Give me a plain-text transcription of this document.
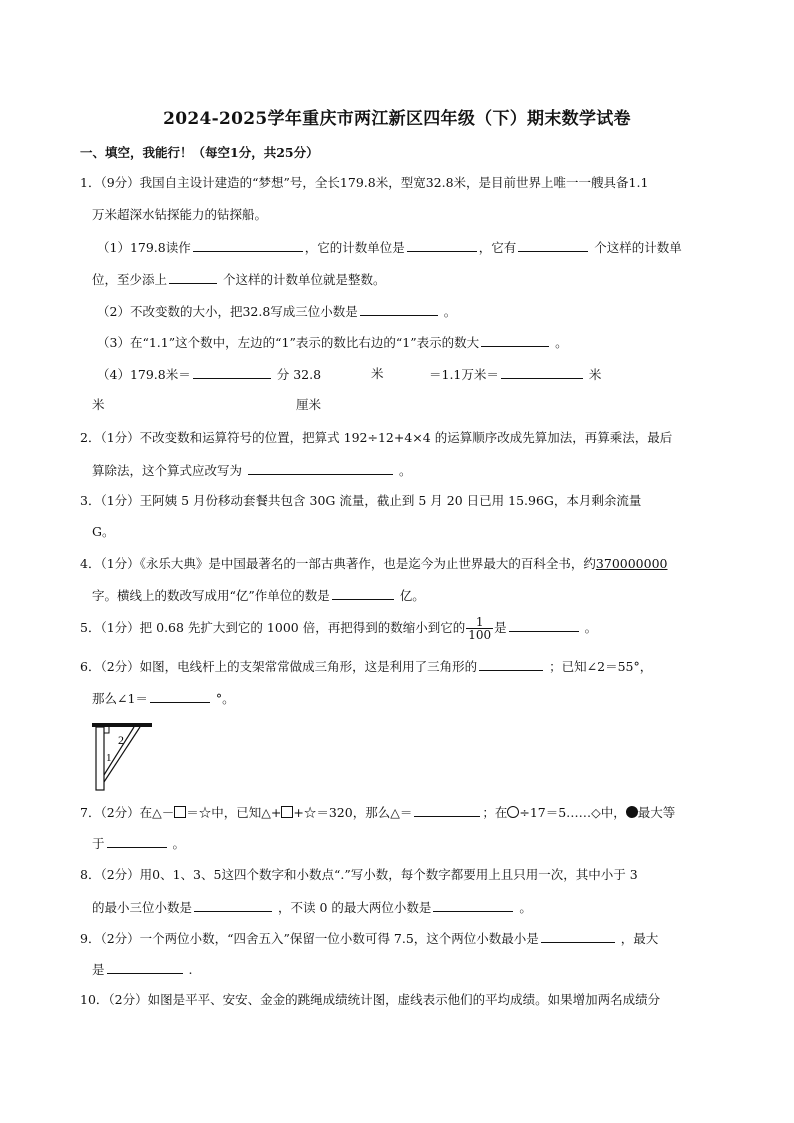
2024-2025学年重庆市两江新区四年级（下）期末数学试卷
一、填空，我能行！（每空1分，共25分）
1．（9分）我国自主设计建造的“梦想”号，全长179.8米，型宽32.8米，是目前世界上唯一一艘具备1.1
万米超深水钻探能力的钻探船。
（1）179.8读作	，它的计数单位是	，它有	个这样的计数单
位，至少添上	个这样的计数单位就是整数。
（2）不改变数的大小，把32.8写成三位小数是	。
（3）在“1.1”这个数中，左边的“1”表示的数比右边的“1”表示的数大	。
（4）179.8米＝	分 32.8	米	＝1.1万米＝	米
米	厘米
2．（1分）不改变数和运算符号的位置，把算式 192÷12+4×4 的运算顺序改成先算加法，再算乘法，最后
算除法，这个算式应改写为	。
3．（1分）王阿姨 5 月份移动套餐共包含 30G 流量，截止到 5 月 20 日已用 15.96G，本月剩余流量
G。
4．（1分）《永乐大典》是中国最著名的一部古典著作，也是迄今为止世界最大的百科全书，约370000000
字。横线上的数改写成用“亿”作单位的数是	亿。
5．（1分）把 0.68 先扩大到它的 1000 倍，再把得到的数缩小到它的 $\frac{1}{100}$ 是	。
6．（2分）如图，电线杆上的支架常常做成三角形，这是利用了三角形的	；已知∠2＝55°，
那么∠1＝	°。
2
1
7．（2分）在△－ ＝☆中，已知△+ +☆＝320，那么△＝	；在 ÷17＝5……◇中， 最大等
于	。
8．（2分）用0、1、3、5这四个数字和小数点“.”写小数，每个数字都要用上且只用一次，其中小于 3
的最小三位小数是	，不读 0 的最大两位小数是	。
9．（2分）一个两位小数，“四舍五入”保留一位小数可得 7.5，这个两位小数最小是	，最大
是	.
10．（2分）如图是平平、安安、金金的跳绳成绩统计图，虚线表示他们的平均成绩。如果增加两名成绩分
